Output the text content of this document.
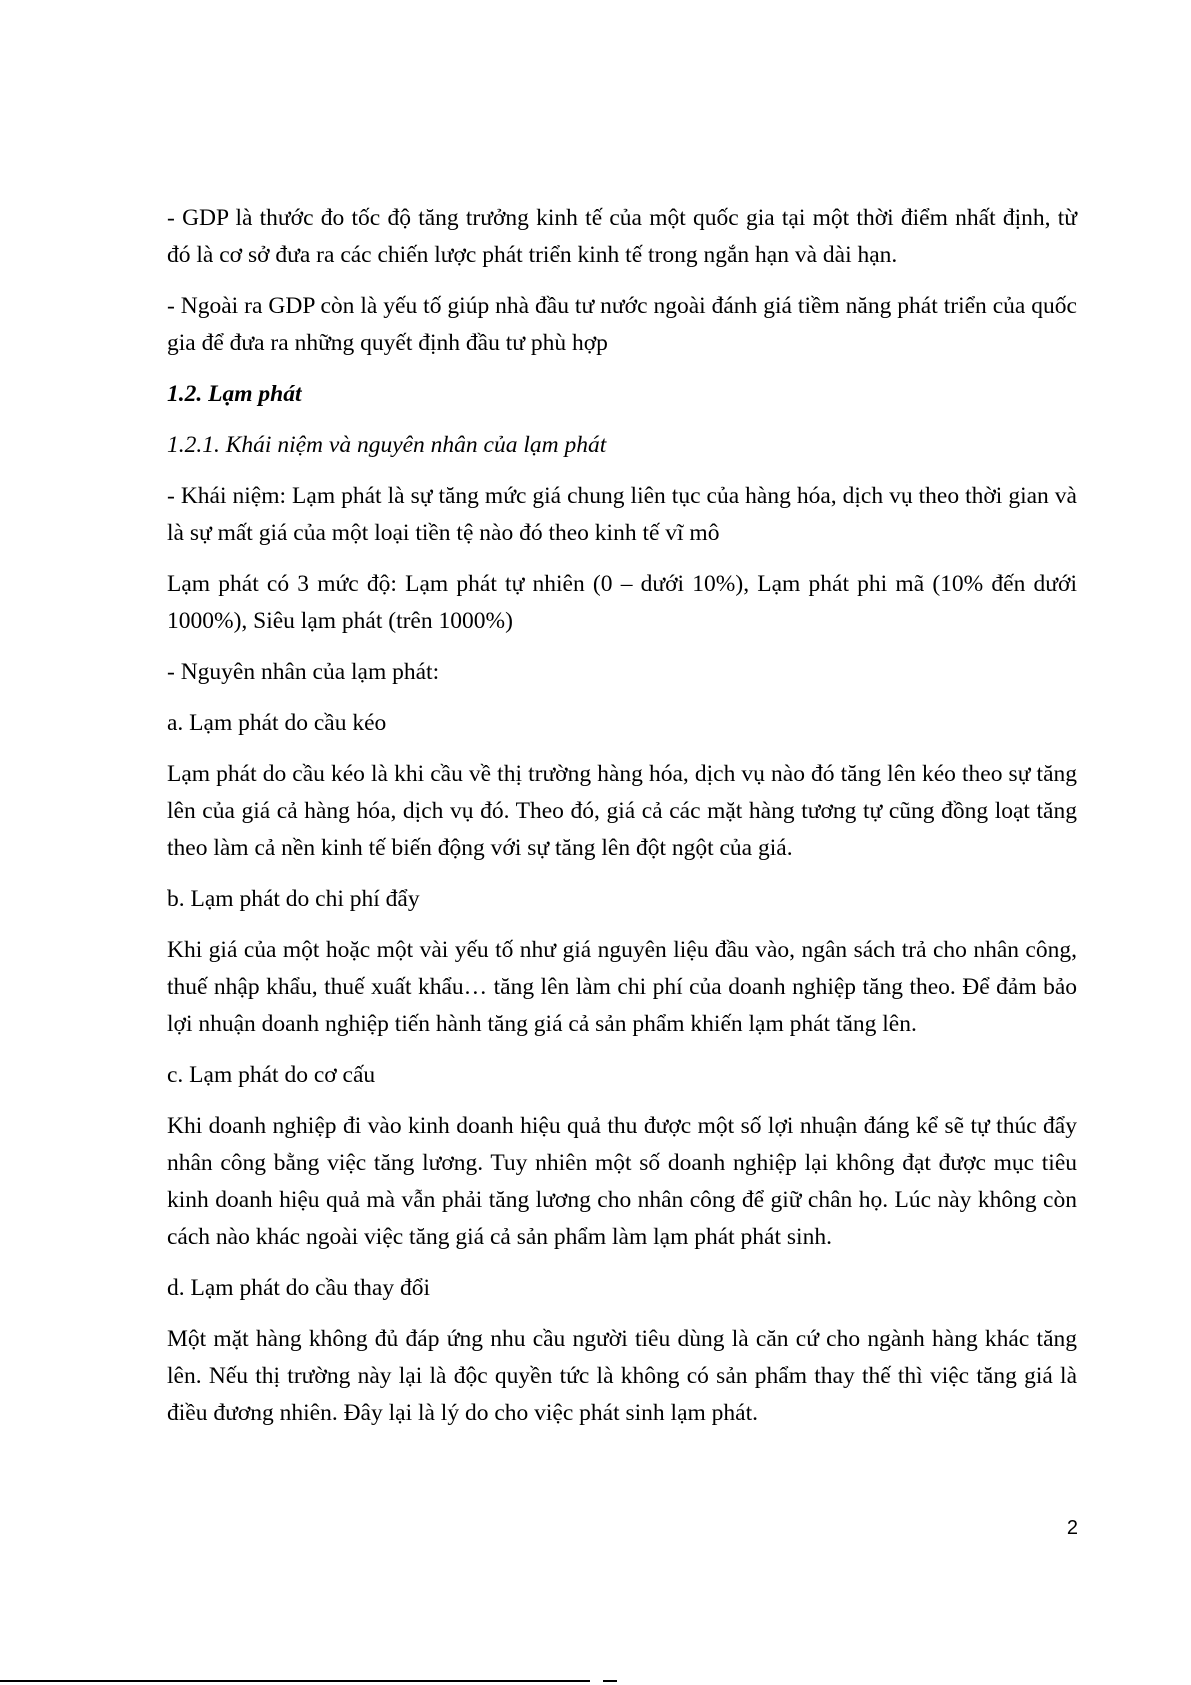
- GDP là thước đo tốc độ tăng trưởng kinh tế của một quốc gia tại một thời điểm nhất định, từ đó là cơ sở đưa ra các chiến lược phát triển kinh tế trong ngắn hạn và dài hạn.

- Ngoài ra GDP còn là yếu tố giúp nhà đầu tư nước ngoài đánh giá tiềm năng phát triển của quốc gia để đưa ra những quyết định đầu tư phù hợp

1.2. Lạm phát

1.2.1. Khái niệm và nguyên nhân của lạm phát

- Khái niệm: Lạm phát là sự tăng mức giá chung liên tục của hàng hóa, dịch vụ theo thời gian và là sự mất giá của một loại tiền tệ nào đó theo kinh tế vĩ mô

Lạm phát có 3 mức độ: Lạm phát tự nhiên (0 – dưới 10%), Lạm phát phi mã (10% đến dưới 1000%), Siêu lạm phát (trên 1000%)

- Nguyên nhân của lạm phát:

a. Lạm phát do cầu kéo

Lạm phát do cầu kéo là khi cầu về thị trường hàng hóa, dịch vụ nào đó tăng lên kéo theo sự tăng lên của giá cả hàng hóa, dịch vụ đó. Theo đó, giá cả các mặt hàng tương tự cũng đồng loạt tăng theo làm cả nền kinh tế biến động với sự tăng lên đột ngột của giá.

b. Lạm phát do chi phí đẩy

Khi giá của một hoặc một vài yếu tố như giá nguyên liệu đầu vào, ngân sách trả cho nhân công, thuế nhập khẩu, thuế xuất khẩu… tăng lên làm chi phí của doanh nghiệp tăng theo. Để đảm bảo lợi nhuận doanh nghiệp tiến hành tăng giá cả sản phẩm khiến lạm phát tăng lên.

c. Lạm phát do cơ cấu

Khi doanh nghiệp đi vào kinh doanh hiệu quả thu được một số lợi nhuận đáng kể sẽ tự thúc đẩy nhân công bằng việc tăng lương. Tuy nhiên một số doanh nghiệp lại không đạt được mục tiêu kinh doanh hiệu quả mà vẫn phải tăng lương cho nhân công để giữ chân họ. Lúc này không còn cách nào khác ngoài việc tăng giá cả sản phẩm làm lạm phát phát sinh.

d. Lạm phát do cầu thay đổi

Một mặt hàng không đủ đáp ứng nhu cầu người tiêu dùng là căn cứ cho ngành hàng khác tăng lên. Nếu thị trường này lại là độc quyền tức là không có sản phẩm thay thế thì việc tăng giá là điều đương nhiên. Đây lại là lý do cho việc phát sinh lạm phát.

2
